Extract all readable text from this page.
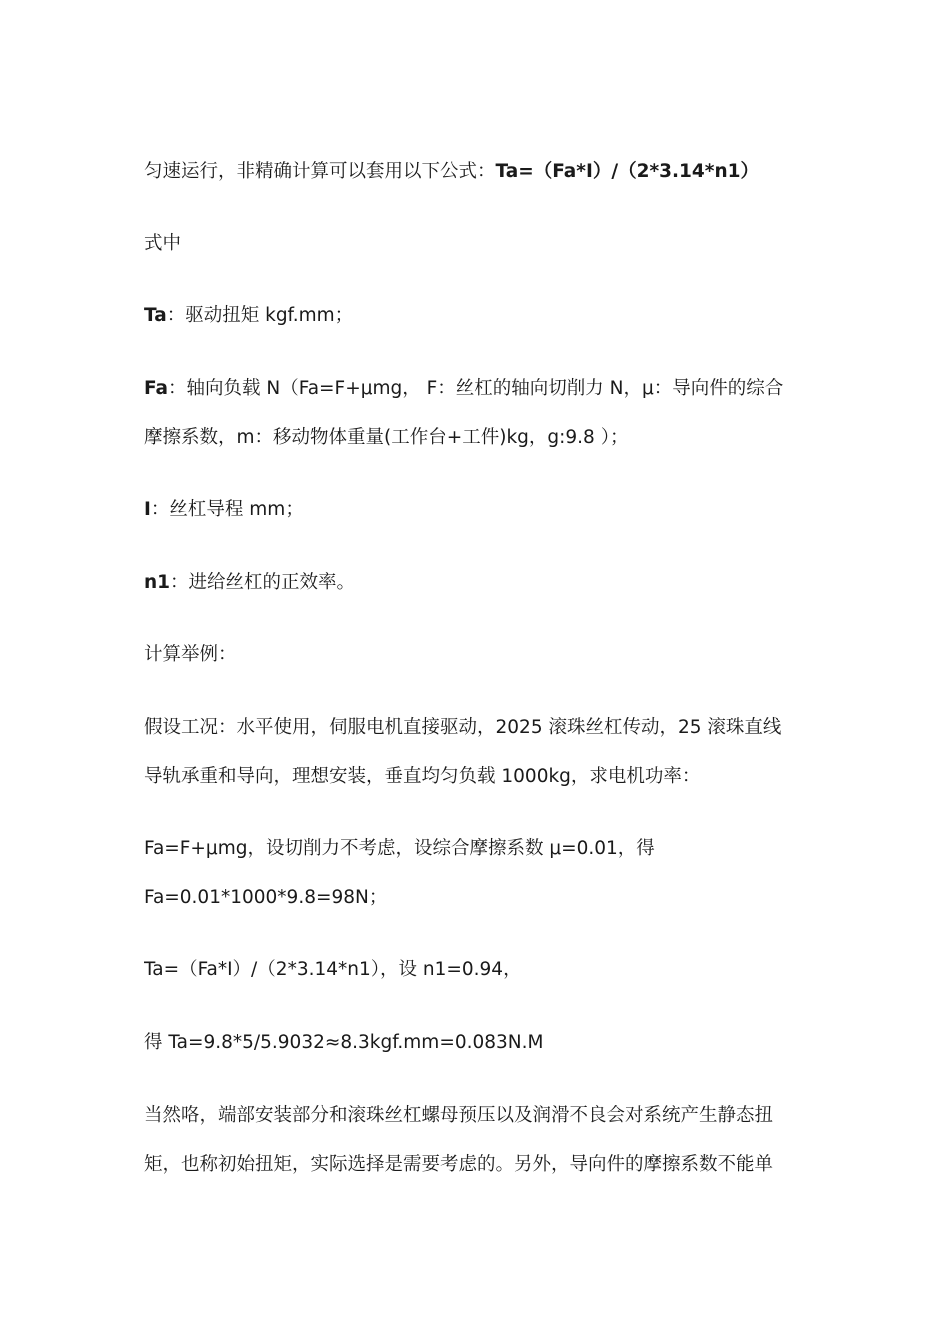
匀速运行，非精确计算可以套用以下公式：Ta=（Fa*I）/（2*3.14*n1）
式中
Ta：驱动扭矩 kgf.mm；
Fa：轴向负载 N（Fa=F+μmg， F：丝杠的轴向切削力 N，μ：导向件的综合
摩擦系数，m：移动物体重量(工作台+工件)kg，g:9.8 ）；
I：丝杠导程 mm；
n1：进给丝杠的正效率。
计算举例：
假设工况：水平使用，伺服电机直接驱动，2025 滚珠丝杠传动，25 滚珠直线
导轨承重和导向，理想安装，垂直均匀负载 1000kg，求电机功率：
Fa=F+μmg，设切削力不考虑，设综合摩擦系数 μ=0.01，得
Fa=0.01*1000*9.8=98N；
Ta=（Fa*I）/（2*3.14*n1），设 n1=0.94，
得 Ta=9.8*5/5.9032≈8.3kgf.mm=0.083N.M
当然咯，端部安装部分和滚珠丝杠螺母预压以及润滑不良会对系统产生静态扭
矩，也称初始扭矩，实际选择是需要考虑的。另外，导向件的摩擦系数不能单
